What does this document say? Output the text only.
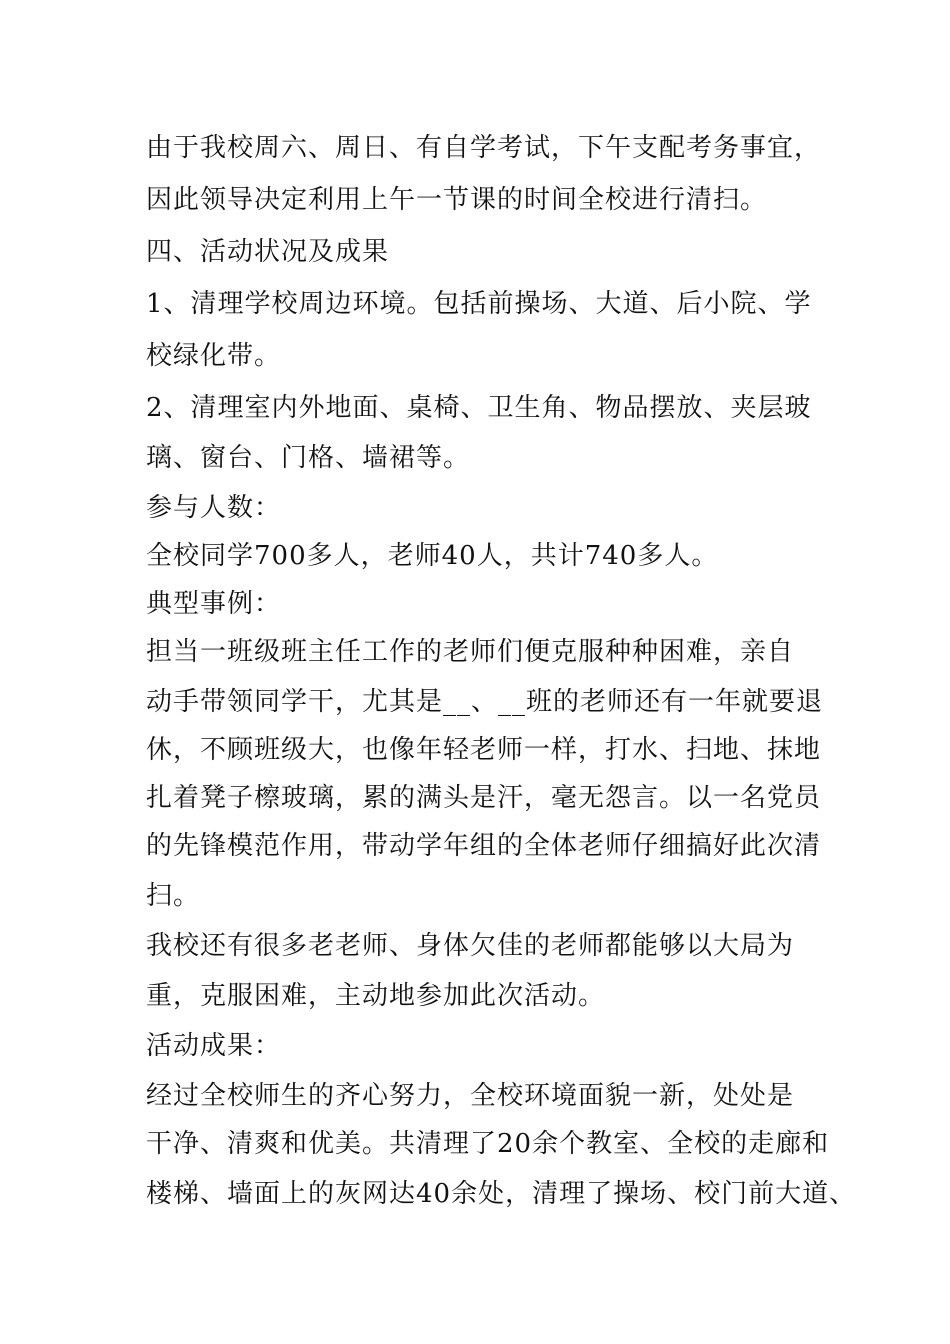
由于我校周六、周日、有自学考试，下午支配考务事宜，
因此领导决定利用上午一节课的时间全校进行清扫。
四、活动状况及成果
1、清理学校周边环境。包括前操场、大道、后小院、学
校绿化带。
2、清理室内外地面、桌椅、卫生角、物品摆放、夹层玻
璃、窗台、门格、墙裙等。
参与人数：
全校同学700多人，老师40人，共计740多人。
典型事例：
担当一班级班主任工作的老师们便克服种种困难，亲自
动手带领同学干，尤其是__、__班的老师还有一年就要退
休，不顾班级大，也像年轻老师一样，打水、扫地、抹地
扎着凳子檫玻璃，累的满头是汗，毫无怨言。以一名党员
的先锋模范作用，带动学年组的全体老师仔细搞好此次清
扫。
我校还有很多老老师、身体欠佳的老师都能够以大局为
重，克服困难，主动地参加此次活动。
活动成果：
经过全校师生的齐心努力，全校环境面貌一新，处处是
干净、清爽和优美。共清理了20余个教室、全校的走廊和
楼梯、墙面上的灰网达40余处，清理了操场、校门前大道、
